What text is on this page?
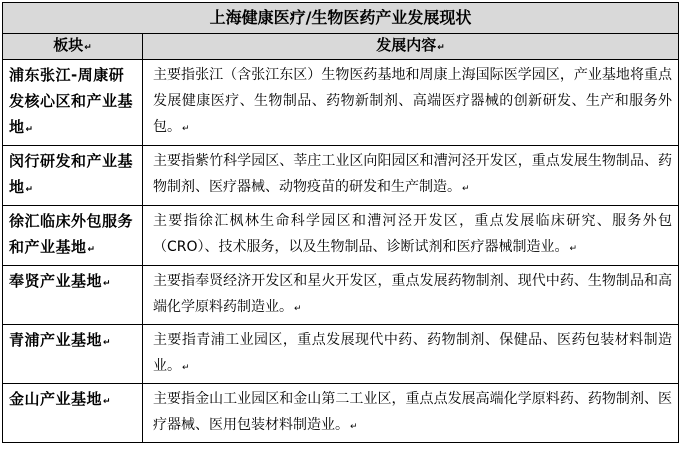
上海健康医疗/生物医药产业发展现状	
板块↵	发展内容↵
浦东张江-周康研发核心区和产业基地↵	主要指张江（含张江东区）生物医药基地和周康上海国际医学园区，产业基地将重点发展健康医疗、生物制品、药物新制剂、高端医疗器械的创新研发、生产和服务外包。↵
闵行研发和产业基地↵	主要指紫竹科学园区、莘庄工业区向阳园区和漕河泾开发区，重点发展生物制品、药物制剂、医疗器械、动物疫苗的研发和生产制造。↵
徐汇临床外包服务和产业基地↵	主要指徐汇枫林生命科学园区和漕河泾开发区，重点发展临床研究、服务外包（CRO）、技术服务，以及生物制品、诊断试剂和医疗器械制造业。↵
奉贤产业基地↵	主要指奉贤经济开发区和星火开发区，重点发展药物制剂、现代中药、生物制品和高端化学原料药制造业。↵
青浦产业基地↵	主要指青浦工业园区，重点发展现代中药、药物制剂、保健品、医药包装材料制造业。↵
金山产业基地↵	主要指金山工业园区和金山第二工业区，重点点发展高端化学原料药、药物制剂、医疗器械、医用包装材料制造业。↵
